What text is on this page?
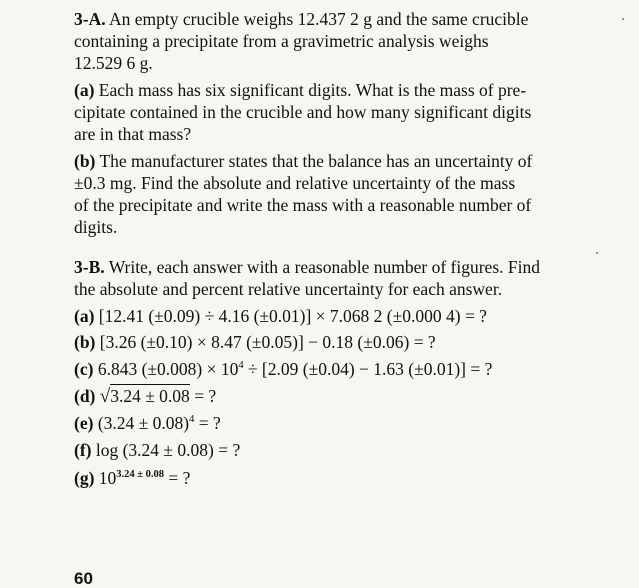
3-A. An empty crucible weighs 12.437 2 g and the same crucible
containing a precipitate from a gravimetric analysis weighs
12.529 6 g.
(a) Each mass has six significant digits. What is the mass of pre-
cipitate contained in the crucible and how many significant digits
are in that mass?
(b) The manufacturer states that the balance has an uncertainty of
±0.3 mg. Find the absolute and relative uncertainty of the mass
of the precipitate and write the mass with a reasonable number of
digits.
3-B. Write, each answer with a reasonable number of figures. Find
the absolute and percent relative uncertainty for each answer.
(a) [12.41 (±0.09) ÷ 4.16 (±0.01)] × 7.068 2 (±0.000 4) = ?
(b) [3.26 (±0.10) × 8.47 (±0.05)] − 0.18 (±0.06) = ?
(c) 6.843 $(\pm 0.008) \times 10^4 \div [2.09$ (±0.04) − 1.63 (±0.01)] = ?
(d) √3.24 ± 0.08 = ?
(e) $(3.24 \pm 0.08)^4$ = ?
(f) log (3.24 ± 0.08) = ?
(g) $10^{3.24 \pm 0.08}$ = ?
60
